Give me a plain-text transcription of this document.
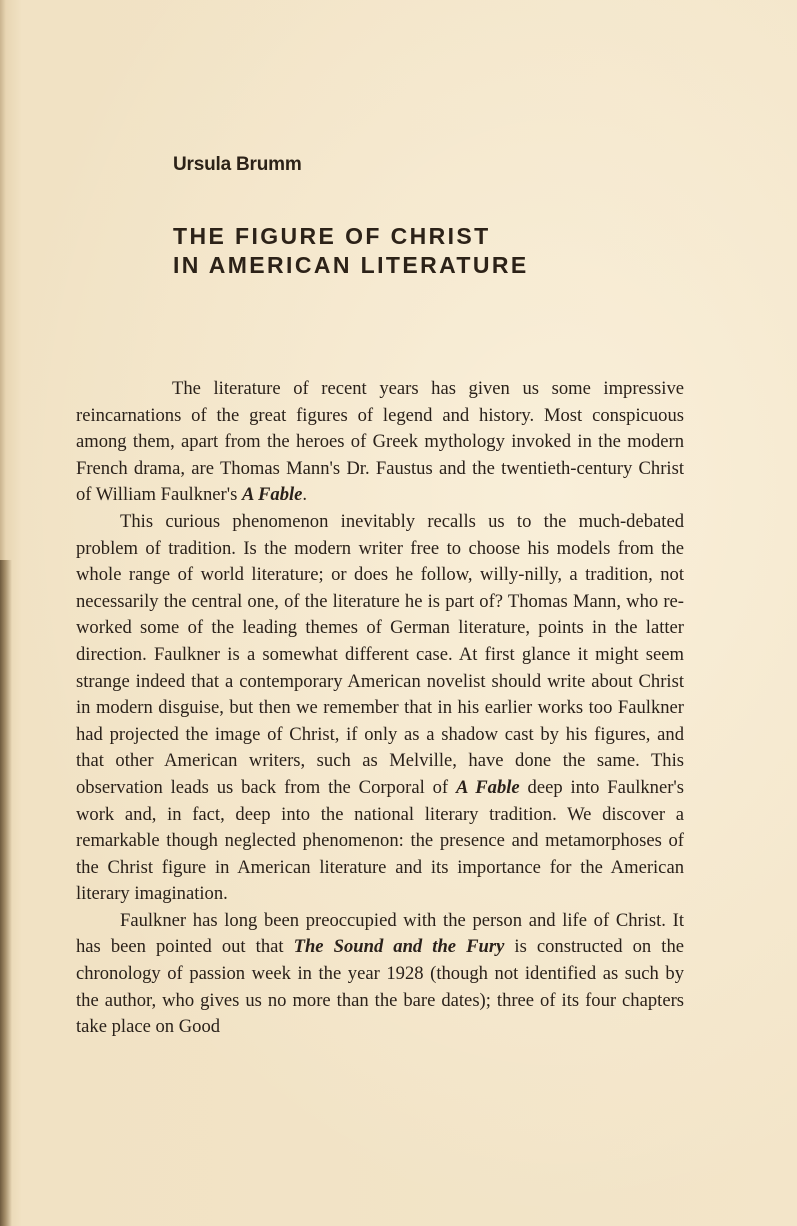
Ursula Brumm
THE FIGURE OF CHRIST
IN AMERICAN LITERATURE

The literature of recent years has given us some impressive reincarnations of the great figures of legend and history. Most conspicuous among them, apart from the heroes of Greek mythology invoked in the modern French drama, are Thomas Mann's Dr. Faustus and the twentieth-century Christ of William Faulkner's A Fable.

This curious phenomenon inevitably recalls us to the much-debated problem of tradition. Is the modern writer free to choose his models from the whole range of world literature; or does he follow, willy-nilly, a tradition, not necessarily the central one, of the literature he is part of? Thomas Mann, who re-worked some of the leading themes of German literature, points in the latter direction. Faulkner is a somewhat different case. At first glance it might seem strange indeed that a contemporary American novelist should write about Christ in modern disguise, but then we remember that in his earlier works too Faulkner had projected the image of Christ, if only as a shadow cast by his figures, and that other American writers, such as Melville, have done the same. This observation leads us back from the Corporal of A Fable deep into Faulkner's work and, in fact, deep into the national literary tradition. We discover a remarkable though neglected phenomenon: the presence and metamorphoses of the Christ figure in American literature and its importance for the American literary imagination.

Faulkner has long been preoccupied with the person and life of Christ. It has been pointed out that The Sound and the Fury is constructed on the chronology of passion week in the year 1928 (though not identified as such by the author, who gives us no more than the bare dates); three of its four chapters take place on Good
